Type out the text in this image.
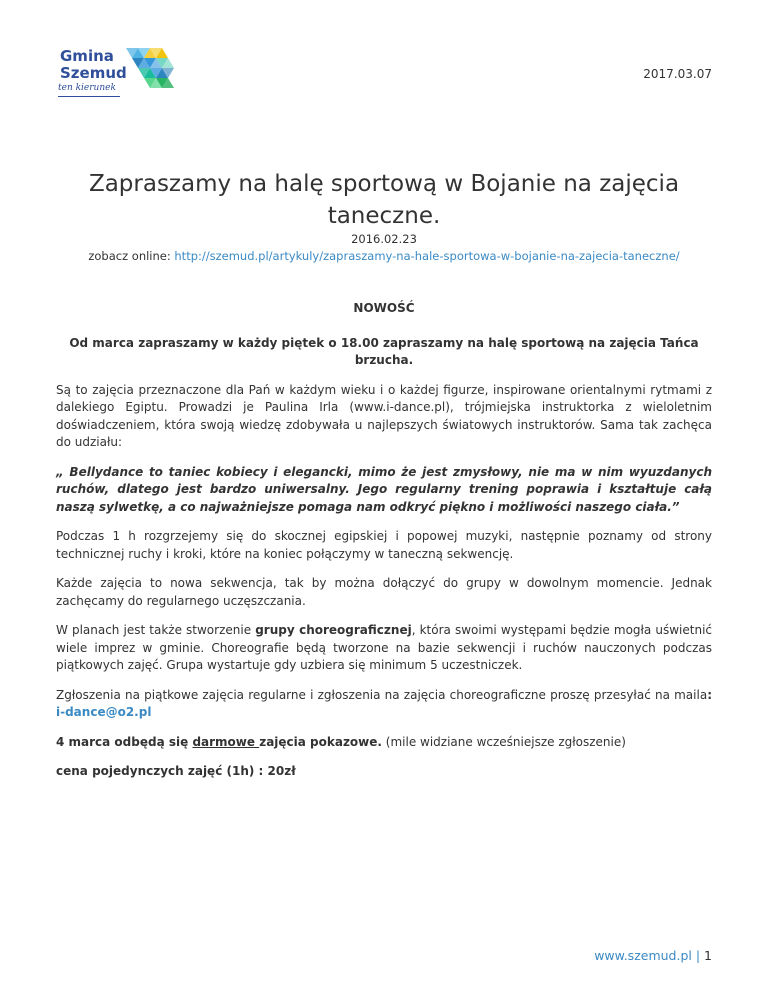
Gmina
Szemud
ten kierunek
2017.03.07
Zapraszamy na halę sportową w Bojanie na zajęcia taneczne.
2016.02.23
zobacz online: http://szemud.pl/artykuly/zapraszamy-na-hale-sportowa-w-bojanie-na-zajecia-taneczne/

NOWOŚĆ

Od marca zapraszamy w każdy piętek o 18.00 zapraszamy na halę sportową na zajęcia Tańca brzucha.

Są to zajęcia przeznaczone dla Pań w każdym wieku i o każdej figurze, inspirowane orientalnymi rytmami z dalekiego Egiptu. Prowadzi je Paulina Irla (www.i-dance.pl), trójmiejska instruktorka z wieloletnim doświadczeniem, która swoją wiedzę zdobywała u najlepszych światowych instruktorów. Sama tak zachęca do udziału:

„ Bellydance to taniec kobiecy i elegancki, mimo że jest zmysłowy, nie ma w nim wyuzdanych ruchów, dlatego jest bardzo uniwersalny. Jego regularny trening poprawia i kształtuje całą naszą sylwetkę, a co najważniejsze pomaga nam odkryć piękno i możliwości naszego ciała.”

Podczas 1 h rozgrzejemy się do skocznej egipskiej i popowej muzyki, następnie poznamy od strony technicznej ruchy i kroki, które na koniec połączymy w taneczną sekwencję.

Każde zajęcia to nowa sekwencja, tak by można dołączyć do grupy w dowolnym momencie. Jednak zachęcamy do regularnego uczęszczania.

W planach jest także stworzenie grupy choreograficznej, która swoimi występami będzie mogła uświetnić wiele imprez w gminie. Choreografie będą tworzone na bazie sekwencji i ruchów nauczonych podczas piątkowych zajęć. Grupa wystartuje gdy uzbiera się minimum 5 uczestniczek.

Zgłoszenia na piątkowe zajęcia regularne i zgłoszenia na zajęcia choreograficzne proszę przesyłać na maila: i-dance@o2.pl

4 marca odbędą się darmowe zajęcia pokazowe. (mile widziane wcześniejsze zgłoszenie)

cena pojedynczych zajęć (1h) : 20zł

www.szemud.pl | 1
